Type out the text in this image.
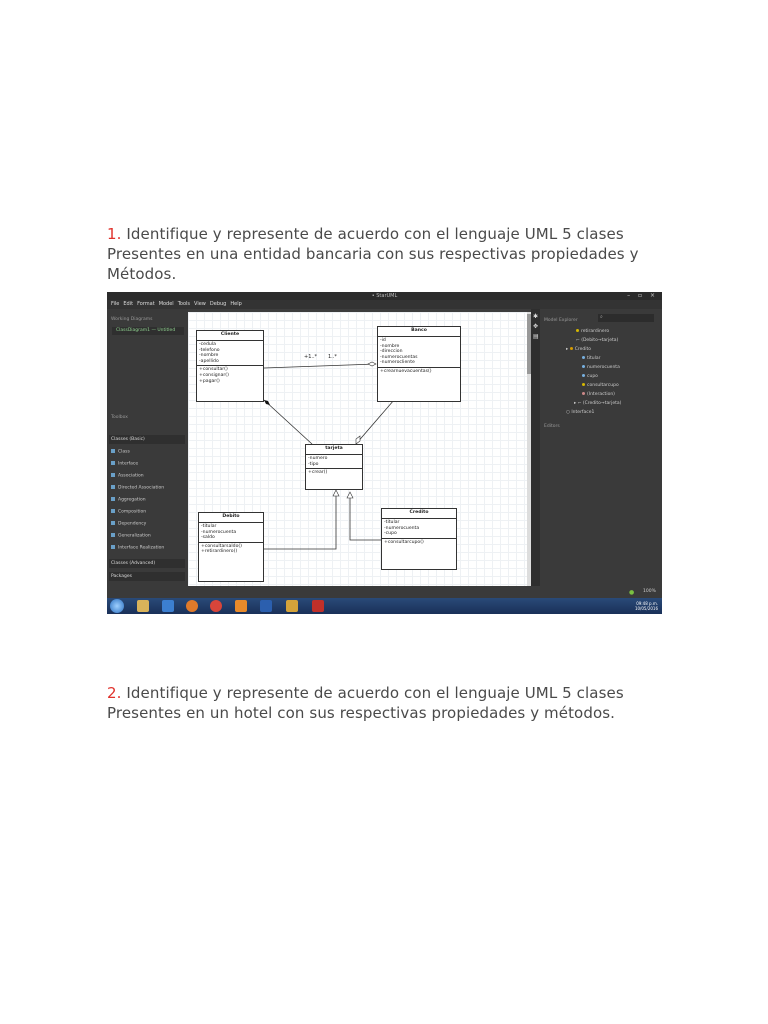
1. Identifique y represente de acuerdo con el lenguaje UML 5 clases Presentes en una entidad bancaria con sus respectivas propiedades y Métodos.
• StarUML	– ▫ ×
File Edit Format Model Tools View Debug Help
Working Diagrams
ClassDiagram1 — Untitled
Toolbox
Classes (Basic)
Class
Interface
Association
Directed Association
Aggregation
Composition
Dependency
Generalization
Interface Realization
Classes (Advanced)
Packages
+1..* 1..*
Cliente
-cedula
-telefono
-nombre
-apellido
+consultar()
+consignar()
+pagar()
Banco
-id
-nombre
-direccion
-numerocuentas
-numerocliente
+crearnuevacuentas()
tarjeta
-numero
-tipo
+crear()
Debito
-titular
-numerocuenta
-saldo
+consultarsaldo()
+retirardinero()
Credito
-titular
-numerocuenta
-cupo
+consultarcupo()
✱
✥
▤
Model Explorer
⌕
retirardinero
⌐ (Debito→tarjeta)
▸ Credito
titular
numerocuenta
cupo
consultarcupo
(Interaction)
▸ ⌐ (Credito→tarjeta)
○ Interface1
Editors
● 100%
09:48 p.m.
10/05/2016
2. Identifique y represente de acuerdo con el lenguaje UML 5 clases Presentes en un hotel con sus respectivas propiedades y métodos.
